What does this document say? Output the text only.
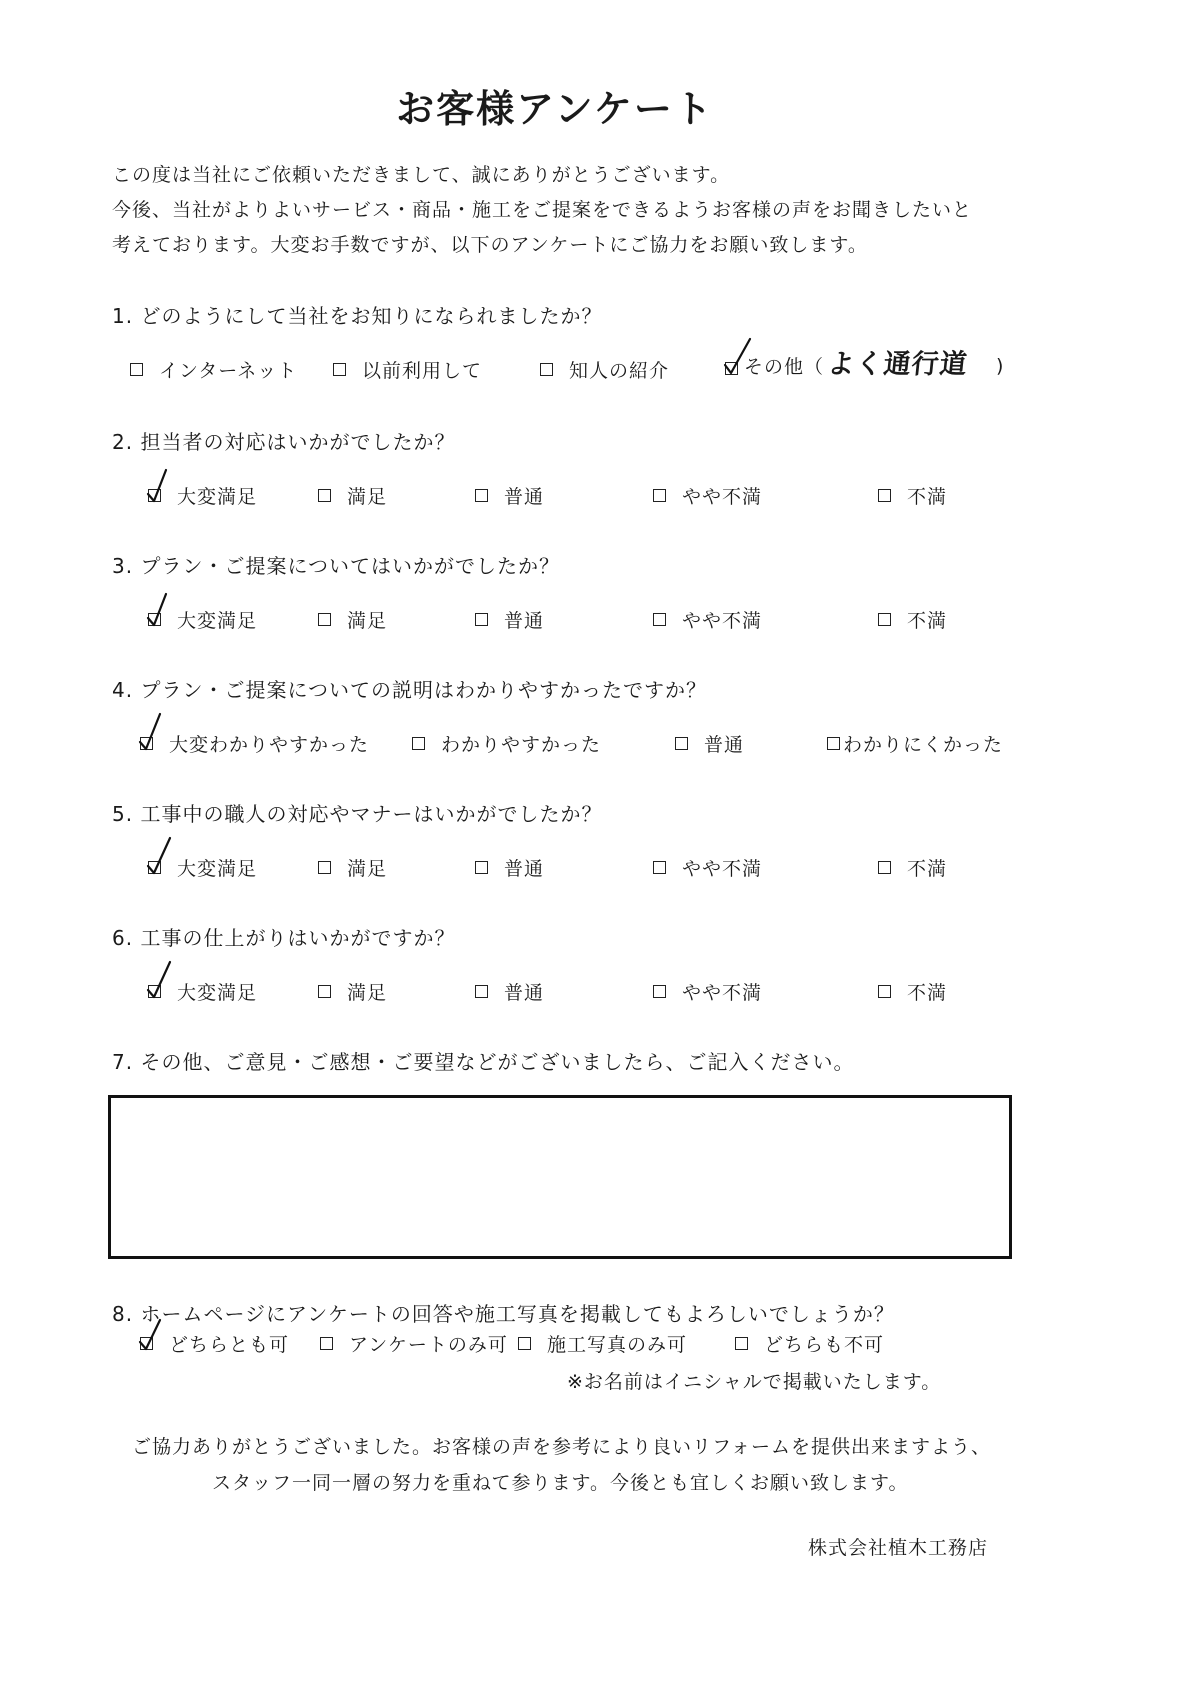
お客様アンケート
この度は当社にご依頼いただきまして、誠にありがとうございます。
今後、当社がよりよいサービス・商品・施工をご提案をできるようお客様の声をお聞きしたいと
考えております。大変お手数ですが、以下のアンケートにご協力をお願い致します。
1. どのようにして当社をお知りになられましたか？
インターネット	以前利用して	知人の紹介	その他（ よく通行道 )
2. 担当者の対応はいかがでしたか？
大変満足	満足	普通	やや不満	不満
3. プラン・ご提案についてはいかがでしたか？
大変満足	満足	普通	やや不満	不満
4. プラン・ご提案についての説明はわかりやすかったですか？
大変わかりやすかった	わかりやすかった	普通	わかりにくかった
5. 工事中の職人の対応やマナーはいかがでしたか？
大変満足	満足	普通	やや不満	不満
6. 工事の仕上がりはいかがですか？
大変満足	満足	普通	やや不満	不満
7. その他、ご意見・ご感想・ご要望などがございましたら、ご記入ください。
8. ホームページにアンケートの回答や施工写真を掲載してもよろしいでしょうか？
どちらとも可	アンケートのみ可 施工写真のみ可	どちらも不可
※お名前はイニシャルで掲載いたします。
ご協力ありがとうございました。お客様の声を参考により良いリフォームを提供出来ますよう、
スタッフ一同一層の努力を重ねて参ります。今後とも宜しくお願い致します。
株式会社植木工務店
